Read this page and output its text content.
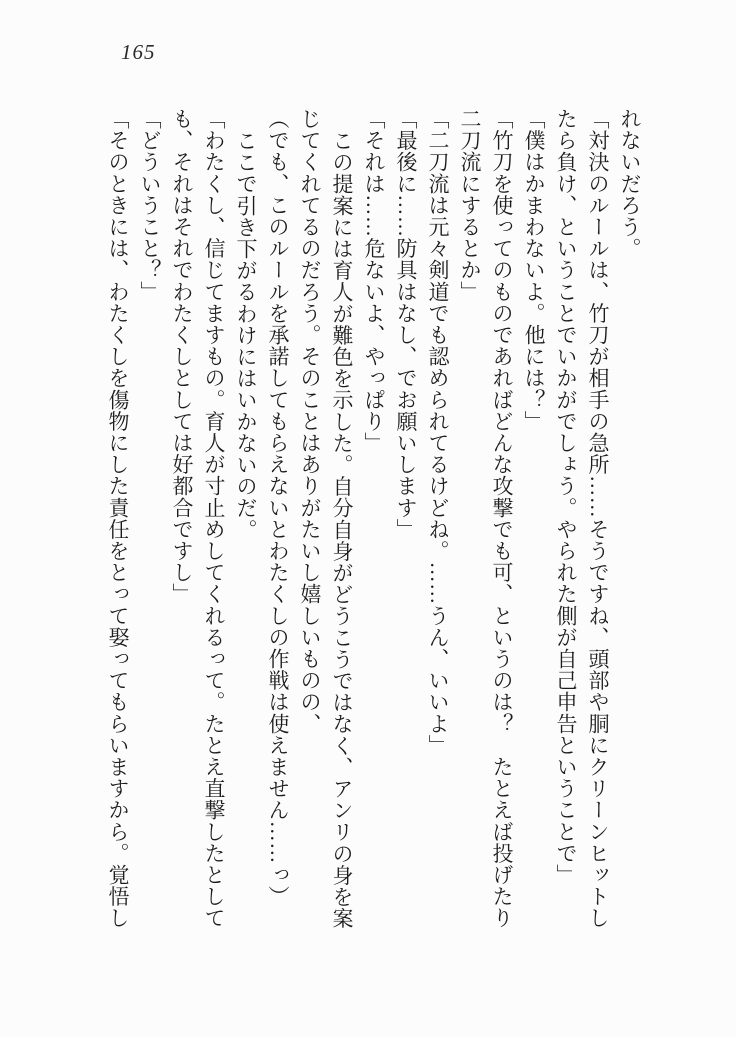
165

れないだろう。

「対決のルールは、竹刀が相手の急所……そうですね、頭部や胴にクリーンヒットし

たら負け、ということでいかがでしょう。やられた側が自己申告ということで」

「僕はかまわないよ。他には？」

「竹刀を使ってのものであればどんな攻撃でも可、というのは？　たとえば投げたり

二刀流にするとか」

「二刀流は元々剣道でも認められてるけどね。……うん、いいよ」

「最後に……防具はなし、でお願いします」

「それは……危ないよ、やっぱり」

この提案には育人が難色を示した。自分自身がどうこうではなく、アンリの身を案

じてくれてるのだろう。そのことはありがたいし嬉しいものの、

（でも、このルールを承諾してもらえないとわたくしの作戦は使えません……っ）

ここで引き下がるわけにはいかないのだ。

「わたくし、信じてますもの。育人が寸止めしてくれるって。たとえ直撃したとして

も、それはそれでわたくしとしては好都合ですし」

「どういうこと？」

「そのときには、わたくしを傷物にした責任をとって娶ってもらいますから。覚悟し
